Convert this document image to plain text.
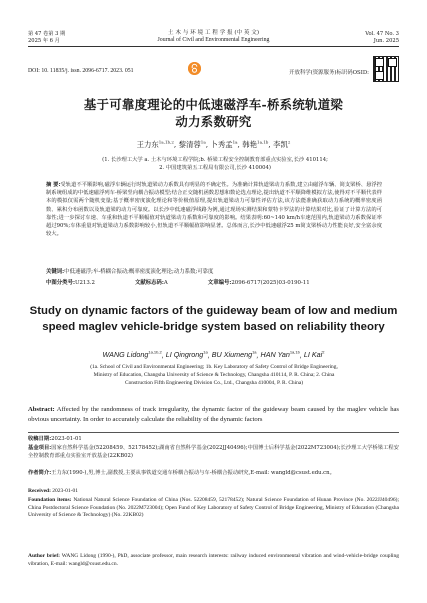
第 47 卷第 3 期
2025 年 6 月
土 木 与 环 境 工 程 学 报 (中 英 文)
Journal of Civil and Environmental Engineering
Vol. 47 No. 3
Jun. 2025
DOI: 10. 11835/j. issn. 2096-6717. 2023. 051	开放科学(资源服务)标识码OSID:
基于可靠度理论的中低速磁浮车-桥系统轨道梁
动力系数研究
王力东$^{1a,1b,2}$, 黎清蓉$^{1a}$, 卜秀孟$^{1a}$, 韩艳$^{1a,1b}$, 李凯$^2$
(1. 长沙理工大学 a. 土木与环境工程学院;b. 桥梁工程安全控制教育部重点实验室,长沙 410114;
2. 中国建筑第五工程局有限公司,长沙 410004)
摘 要:受轨道不平顺影响,磁浮车辆运行时轨道梁动力系数具有明显的不确定性。为准确计算轨道梁动力系数,建立由磁浮车辆、简支梁桥、悬浮控制系统组成的中低速磁浮列车-桥梁竖向耦合振动模型;结合正交随机函数思想和数论选点理论,提出轨道不平顺降维模拟方法,使得对不平顺代表样本的模拟仅需两个随机变量;基于概率密度演化理论和等价极值原理,提出轨道梁动力可靠性评估方法,该方法能准确获取动力系统的概率密度函数、累积分布函数以及轨道梁的动力可靠度。以长沙中低速磁浮线路为例,通过现场实测结果和蒙特卡罗法的计算结果对比,验证了计算方法的可靠性;进一步探讨车速、车重和轨道不平顺幅值对轨道梁动力系数和可靠度的影响。结果表明:60~140 km/h车速范围内,轨道梁动力系数保证率超过90%;车体重量对轨道梁动力系数影响较小,但轨道不平顺幅值影响显著。总体而言,长沙中低速磁浮25 m简支梁桥动力性能良好,安全富余度较大。
关键词:中低速磁浮;车-桥耦合振动;概率密度演化理论;动力系数;可靠度
中图分类号:U213.2	文献标志码:A	文章编号:2096-6717(2025)03-0190-11
Study on dynamic factors of the guideway beam of low and medium
speed maglev vehicle-bridge system based on reliability theory
WANG Lidong$^{1a,1b,2}$, LI Qingrong$^{1a}$, BU Xiumeng$^{1a}$, HAN Yan$^{1a,1b}$, LI Kai$^2$
(1a. School of Civil and Environmental Engineering; 1b. Key Laboratory of Safety Control of Bridge Engineering,
Ministry of Education, Changsha University of Science & Technology, Changsha 410114, P. R. China; 2. China
Construction Fifth Engineering Division Co., Ltd., Changsha 410004, P. R. China)
Abstract: Affected by the randomness of track irregularity, the dynamic factor of the guideway beam caused by the maglev vehicle has obvious uncertainty. In order to accurately calculate the reliability of the dynamic factors
收稿日期:2023-01-01
基金项目:国家自然科学基金(52208459、52178452);湖南省自然科学基金(2022JJ40496);中国博士后科学基金(2022M723004);长沙理工大学桥梁工程安全控制教育部重点实验室开放基金(22KB02)
作者简介:王力东(1990-),男,博士,副教授,主要从事铁道交通车桥耦合振动与车-桥耦合振动研究,E-mail: wangld@csust.edu.cn。
Received: 2023-01-01
Foundation items: National Natural Science Foundation of China (Nos. 52208459, 52178452); Natural Science Foundation of Hunan Province (No. 2022JJ40496); China Postdoctoral Science Foundation (No. 2022M723004); Open Fund of Key Laboratory of Safety Control of Bridge Engineering, Ministry of Education (Changsha University of Science & Technology) (No. 22KB02)
Author brief: WANG Lidong (1990-), PhD, associate professor, main research interests: railway induced environmental vibration and wind-vehicle-bridge coupling vibration, E-mail: wangld@csust.edu.cn.
